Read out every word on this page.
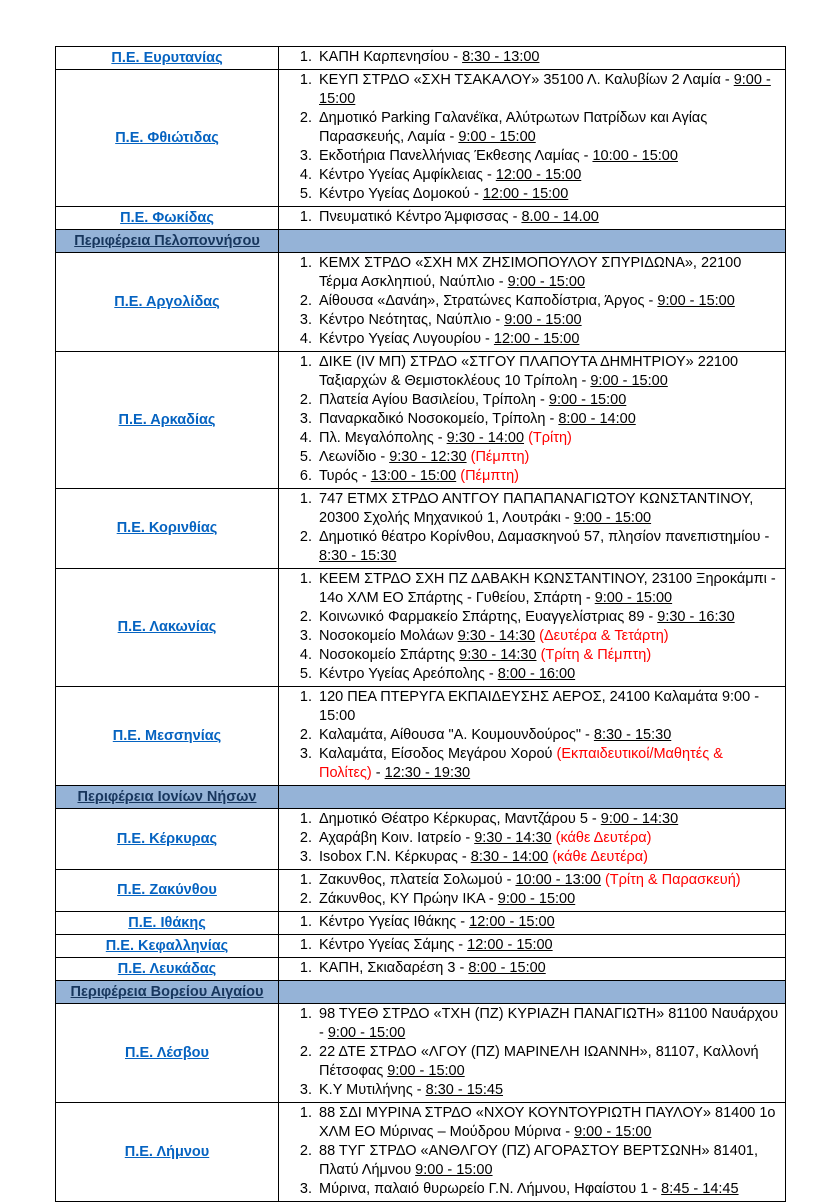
Π.Ε. Ευρυτανίας	
1.ΚΑΠΗ Καρπενησίου - 8:30 - 13:00

Π.Ε. Φθιώτιδας	
1. ΚΕΥΠ ΣΤΡΔΟ «ΣΧΗ ΤΣΑΚΑΛΟΥ» 35100 Λ. Καλυβίων 2 Λαμία - 9:00 - 15:00
2. Δημοτικό Parking Γαλανέϊκα, Αλύτρωτων Πατρίδων και Αγίας Παρασκευής, Λαμία - 9:00 - 15:00
3. Εκδοτήρια Πανελλήνιας Έκθεσης Λαμίας - 10:00 - 15:00
4. Κέντρο Υγείας Αμφίκλειας - 12:00 - 15:00
5. Κέντρο Υγείας Δομοκού - 12:00 - 15:00

Π.Ε. Φωκίδας	
1.Πνευματικό Κέντρο Άμφισσας - 8.00 - 14.00

Περιφέρεια Πελοποννήσου	
Π.Ε. Αργολίδας	
1. ΚΕΜΧ ΣΤΡΔΟ «ΣΧΗ ΜΧ ΖΗΣΙΜΟΠΟΥΛΟΥ ΣΠΥΡΙΔΩΝΑ», 22100 Τέρμα Ασκληπιού, Ναύπλιο - 9:00 - 15:00
2. Αίθουσα «Δανάη», Στρατώνες Καποδίστρια, Άργος - 9:00 - 15:00
3. Κέντρο Νεότητας, Ναύπλιο - 9:00 - 15:00
4. Κέντρο Υγείας Λυγουρίου - 12:00 - 15:00

Π.Ε. Αρκαδίας	
1. ΔΙΚΕ (IV ΜΠ) ΣΤΡΔΟ «ΣΤΓΟΥ ΠΛΑΠΟΥΤΑ ΔΗΜΗΤΡΙΟΥ» 22100 Ταξιαρχών & Θεμιστοκλέους 10 Τρίπολη - 9:00 - 15:00
2. Πλατεία Αγίου Βασιλείου, Τρίπολη - 9:00 - 15:00
3. Παναρκαδικό Νοσοκομείο, Τρίπολη - 8:00 - 14:00
4. Πλ. Μεγαλόπολης - 9:30 - 14:00 (Τρίτη)
5. Λεωνίδιο - 9:30 - 12:30 (Πέμπτη)
6. Τυρός - 13:00 - 15:00 (Πέμπτη)

Π.Ε. Κορινθίας	
1. 747 ΕΤΜΧ ΣΤΡΔΟ ΑΝΤΓΟΥ ΠΑΠΑΠΑΝΑΓΙΩΤΟΥ ΚΩΝΣΤΑΝΤΙΝΟΥ, 20300 Σχολής Μηχανικού 1, Λουτράκι - 9:00 - 15:00
2. Δημοτικό θέατρο Κορίνθου, Δαμασκηνού 57, πλησίον πανεπιστημίου - 8:30 - 15:30

Π.Ε. Λακωνίας	
1. ΚΕΕΜ ΣΤΡΔΟ ΣΧΗ ΠΖ ΔΑΒΑΚΗ ΚΩΝΣΤΑΝΤΙΝΟΥ, 23100 Ξηροκάμπι - 14ο ΧΛΜ ΕΟ Σπάρτης - Γυθείου, Σπάρτη - 9:00 - 15:00
2. Κοινωνικό Φαρμακείο Σπάρτης, Ευαγγελίστριας 89 - 9:30 - 16:30
3. Νοσοκομείο Μολάων 9:30 - 14:30 (Δευτέρα & Τετάρτη)
4. Νοσοκομείο Σπάρτης 9:30 - 14:30 (Τρίτη & Πέμπτη)
5. Κέντρο Υγείας Αρεόπολης - 8:00 - 16:00

Π.Ε. Μεσσηνίας	
1. 120 ΠΕΑ ΠΤΕΡΥΓΑ ΕΚΠΑΙΔΕΥΣΗΣ ΑΕΡΟΣ, 24100 Καλαμάτα 9:00 - 15:00
2. Καλαμάτα, Αίθουσα "Α. Κουμουνδούρος" - 8:30 - 15:30
3. Καλαμάτα, Είσοδος Μεγάρου Χορού (Εκπαιδευτικοί/Μαθητές & Πολίτες) - 12:30 - 19:30

Περιφέρεια Ιονίων Νήσων	
Π.Ε. Κέρκυρας	
1. Δημοτικό Θέατρο Κέρκυρας, Μαντζάρου 5 - 9:00 - 14:30
2. Αχαράβη Κοιν. Ιατρείο - 9:30 - 14:30 (κάθε Δευτέρα)
3. Isobox Γ.Ν. Κέρκυρας - 8:30 - 14:00 (κάθε Δευτέρα)

Π.Ε. Ζακύνθου	
1. Ζακυνθος, πλατεία Σολωμού - 10:00 - 13:00 (Τρίτη & Παρασκευή)
2. Ζάκυνθος, ΚΥ Πρώην ΙΚΑ - 9:00 - 15:00

Π.Ε. Ιθάκης	
1.Κέντρο Υγείας Ιθάκης - 12:00 - 15:00

Π.Ε. Κεφαλληνίας	
1.Κέντρο Υγείας Σάμης - 12:00 - 15:00

Π.Ε. Λευκάδας	
1.ΚΑΠΗ, Σκιαδαρέση 3 - 8:00 - 15:00

Περιφέρεια Βορείου Αιγαίου	
Π.Ε. Λέσβου	
1. 98 ΤΥΕΘ ΣΤΡΔΟ «ΤΧΗ (ΠΖ) ΚΥΡΙΑΖΗ ΠΑΝΑΓΙΩΤΗ» 81100 Ναυάρχου - 9:00 - 15:00
2. 22 ΔΤΕ ΣΤΡΔΟ «ΛΓΟΥ (ΠΖ) ΜΑΡΙΝΕΛΗ ΙΩΑΝΝΗ», 81107, Καλλονή Πέτσοφας 9:00 - 15:00
3. Κ.Υ Μυτιλήνης - 8:30 - 15:45

Π.Ε. Λήμνου	
1. 88 ΣΔΙ ΜΥΡΙΝΑ ΣΤΡΔΟ «ΝΧΟΥ ΚΟΥΝΤΟΥΡΙΩΤΗ ΠΑΥΛΟΥ» 81400 1ο ΧΛΜ ΕΟ Μύρινας – Μούδρου Μύρινα - 9:00 - 15:00
2. 88 ΤΥΓ ΣΤΡΔΟ «ΑΝΘΛΓΟΥ (ΠΖ) ΑΓΟΡΑΣΤΟΥ ΒΕΡΤΣΩΝΗ» 81401, Πλατύ Λήμνου 9:00 - 15:00
3. Μύρινα, παλαιό θυρωρείο Γ.Ν. Λήμνου, Ηφαίστου 1 - 8:45 - 14:45
